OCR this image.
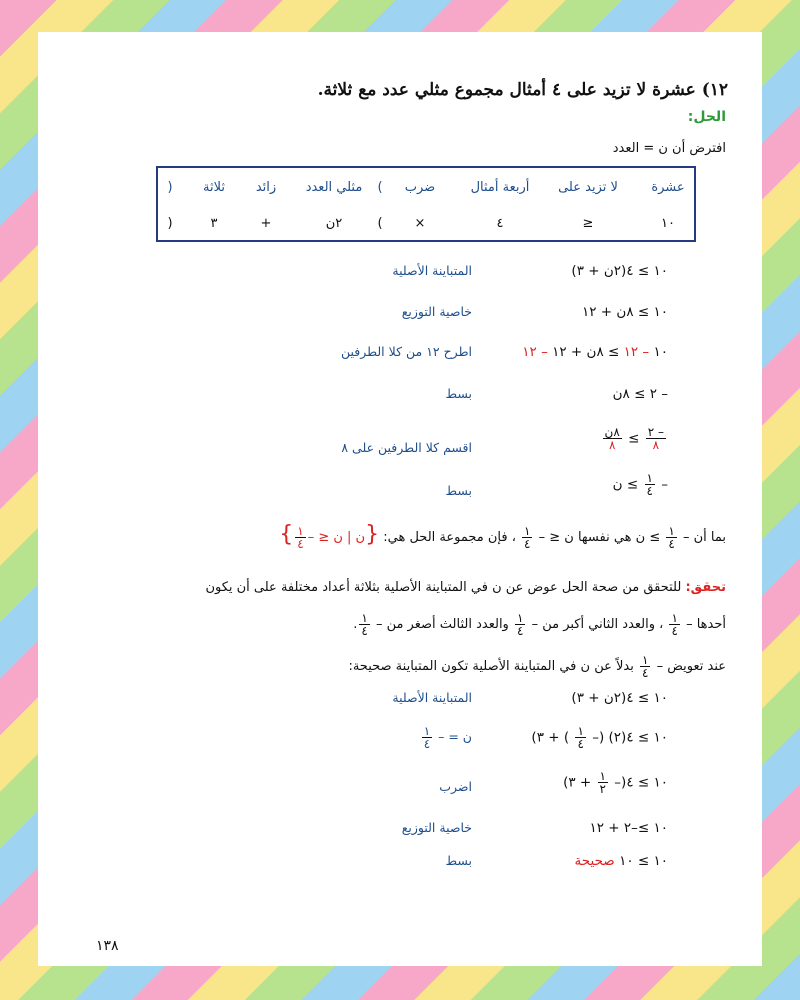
١٢) عشرة لا تزيد على ٤ أمثال مجموع مثلي عدد مع ثلاثة.
الحل:
افترض أن ن = العدد
عشرة
لا تزيد على
أربعة أمثال
ضرب
(
مثلي العدد
زائد
ثلاثة
)
١٠
≥
٤
×
(
٢ن
+
٣
)
١٠ ≥ ٤(٢ن + ٣)
المتباينة الأصلية
١٠ ≥ ٨ن + ١٢
خاصية التوزيع
١٠ – ١٢ ≥ ٨ن + ١٢ – ١٢
اطرح ١٢ من كلا الطرفين
– ٢ ≥ ٨ن
بسط
$\frac{- ٢}{٨}$
≥
$\frac{\text{٨ن}}{٨}$
اقسم كلا الطرفين على ٨
–
$\frac{١}{٤}$
≥ ن
بسط
بما أن –
$\frac{١}{٤}$
≥ ن هي نفسها ن ≤ –
$\frac{١}{٤}$
، فإن مجموعة الحل هي: {ن | ن ≤ –
$\frac{١}{٤}$
}
تحقق: للتحقق من صحة الحل عوض عن ن في المتباينة الأصلية بثلاثة أعداد مختلفة على أن يكون
أحدها –
$\frac{١}{٤}$
، والعدد الثاني أكبر من –
$\frac{١}{٤}$
والعدد الثالث أصغر من –
$\frac{١}{٤}$
.
عند تعويض –
$\frac{١}{٤}$
بدلاً عن ن في المتباينة الأصلية تكون المتباينة صحيحة:
١٠ ≥ ٤(٢ن + ٣)
المتباينة الأصلية
١٠ ≥ ٤(٢) (–
$\frac{١}{٤}$
) + ٣)
ن = –
$\frac{١}{٤}$
١٠ ≥ ٤(–
$\frac{١}{٢}$
+ ٣)
اضرب
١٠ ≥–٢ + ١٢
خاصية التوزيع
١٠ ≥ ١٠ صحيحة
بسط
١٣٨
